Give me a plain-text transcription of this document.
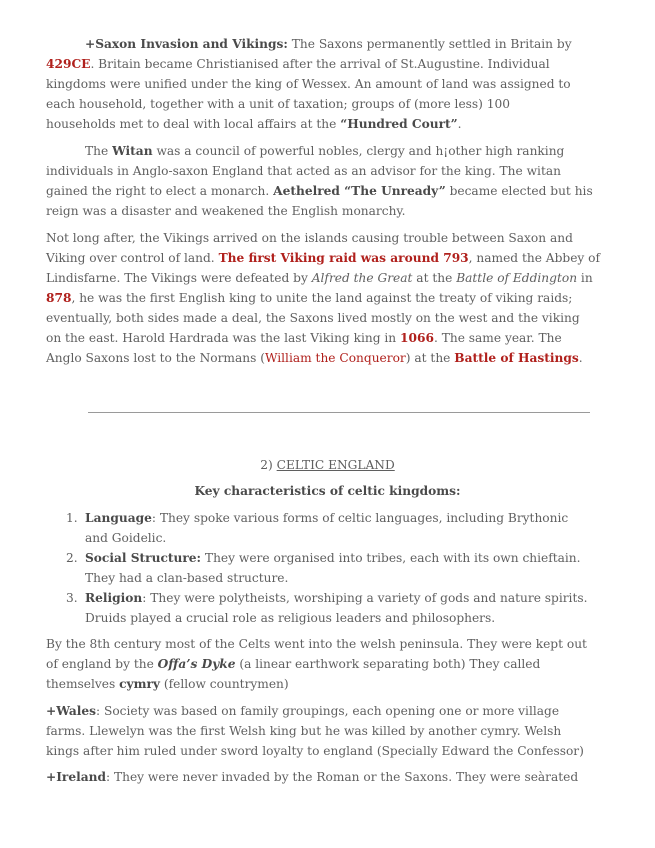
1.
2.
3.
+Saxon Invasion and Vikings: The Saxons permanently settled in Britain by
429CE. Britain became Christianised after the arrival of St.Augustine. Individual
kingdoms were unified under the king of Wessex. An amount of land was assigned to
each household, together with a unit of taxation; groups of (more less) 100
households met to deal with local affairs at the “Hundred Court”.
The Witan was a council of powerful nobles, clergy and h¡other high ranking
individuals in Anglo-saxon England that acted as an advisor for the king. The witan
gained the right to elect a monarch. Aethelred “The Unready” became elected but his
reign was a disaster and weakened the English monarchy.
Not long after, the Vikings arrived on the islands causing trouble between Saxon and
Viking over control of land. The first Viking raid was around 793, named the Abbey of
Lindisfarne. The Vikings were defeated by Alfred the Great at the Battle of Eddington in
878, he was the first English king to unite the land against the treaty of viking raids;
eventually, both sides made a deal, the Saxons lived mostly on the west and the viking
on the east. Harold Hardrada was the last Viking king in 1066. The same year. The
Anglo Saxons lost to the Normans (William the Conqueror) at the Battle of Hastings.
2) CELTIC ENGLAND
Key characteristics of celtic kingdoms:
Language: They spoke various forms of celtic languages, including Brythonic
and Goidelic.
Social Structure: They were organised into tribes, each with its own chieftain.
They had a clan-based structure.
Religion: They were polytheists, worshiping a variety of gods and nature spirits.
Druids played a crucial role as religious leaders and philosophers.
By the 8th century most of the Celts went into the welsh peninsula. They were kept out
of england by the Offa’s Dyke (a linear earthwork separating both) They called
themselves cymry (fellow countrymen)
+Wales: Society was based on family groupings, each opening one or more village
farms. Llewelyn was the first Welsh king but he was killed by another cymry. Welsh
kings after him ruled under sword loyalty to england (Specially Edward the Confessor)
+Ireland: They were never invaded by the Roman or the Saxons. They were seàrated
